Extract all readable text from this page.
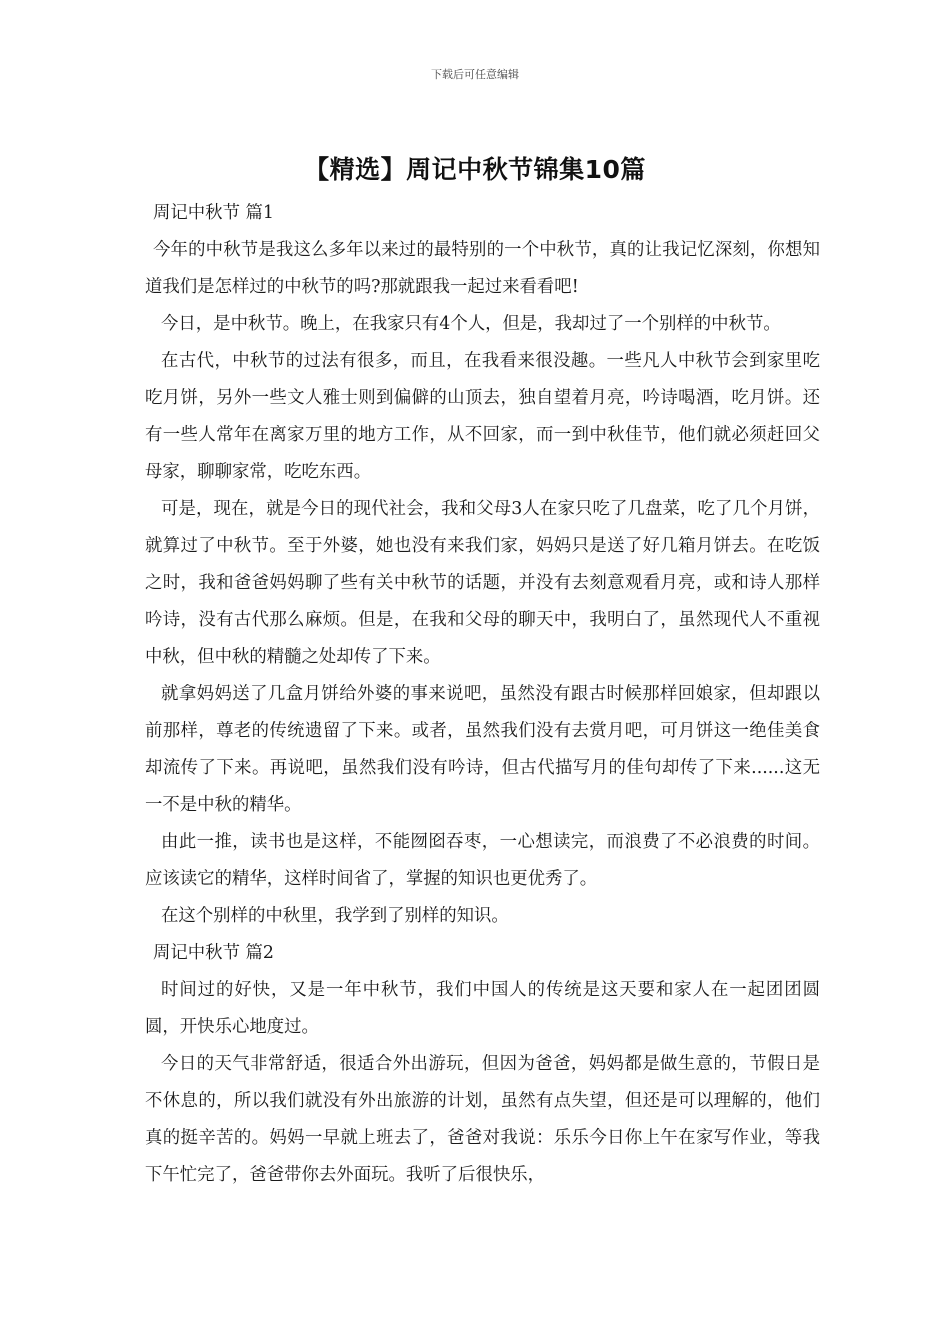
下载后可任意编辑
【精选】周记中秋节锦集10篇

周记中秋节 篇1

今年的中秋节是我这么多年以来过的最特别的一个中秋节，真的让我记忆深刻，你想知道我们是怎样过的中秋节的吗?那就跟我一起过来看看吧!

今日，是中秋节。晚上，在我家只有4个人，但是，我却过了一个别样的中秋节。

在古代，中秋节的过法有很多，而且，在我看来很没趣。一些凡人中秋节会到家里吃吃月饼，另外一些文人雅士则到偏僻的山顶去，独自望着月亮，吟诗喝酒，吃月饼。还有一些人常年在离家万里的地方工作，从不回家，而一到中秋佳节，他们就必须赶回父母家，聊聊家常，吃吃东西。

可是，现在，就是今日的现代社会，我和父母3人在家只吃了几盘菜，吃了几个月饼，就算过了中秋节。至于外婆，她也没有来我们家，妈妈只是送了好几箱月饼去。在吃饭之时，我和爸爸妈妈聊了些有关中秋节的话题，并没有去刻意观看月亮，或和诗人那样吟诗，没有古代那么麻烦。但是，在我和父母的聊天中，我明白了，虽然现代人不重视中秋，但中秋的精髓之处却传了下来。

就拿妈妈送了几盒月饼给外婆的事来说吧，虽然没有跟古时候那样回娘家，但却跟以前那样，尊老的传统遗留了下来。或者，虽然我们没有去赏月吧，可月饼这一绝佳美食却流传了下来。再说吧，虽然我们没有吟诗，但古代描写月的佳句却传了下来......这无一不是中秋的精华。

由此一推，读书也是这样，不能囫囵吞枣，一心想读完，而浪费了不必浪费的时间。应该读它的精华，这样时间省了，掌握的知识也更优秀了。

在这个别样的中秋里，我学到了别样的知识。

周记中秋节 篇2

时间过的好快，又是一年中秋节，我们中国人的传统是这天要和家人在一起团团圆圆，开快乐心地度过。

今日的天气非常舒适，很适合外出游玩，但因为爸爸，妈妈都是做生意的，节假日是不休息的，所以我们就没有外出旅游的计划，虽然有点失望，但还是可以理解的，他们真的挺辛苦的。妈妈一早就上班去了，爸爸对我说：乐乐今日你上午在家写作业，等我下午忙完了，爸爸带你去外面玩。我听了后很快乐，
